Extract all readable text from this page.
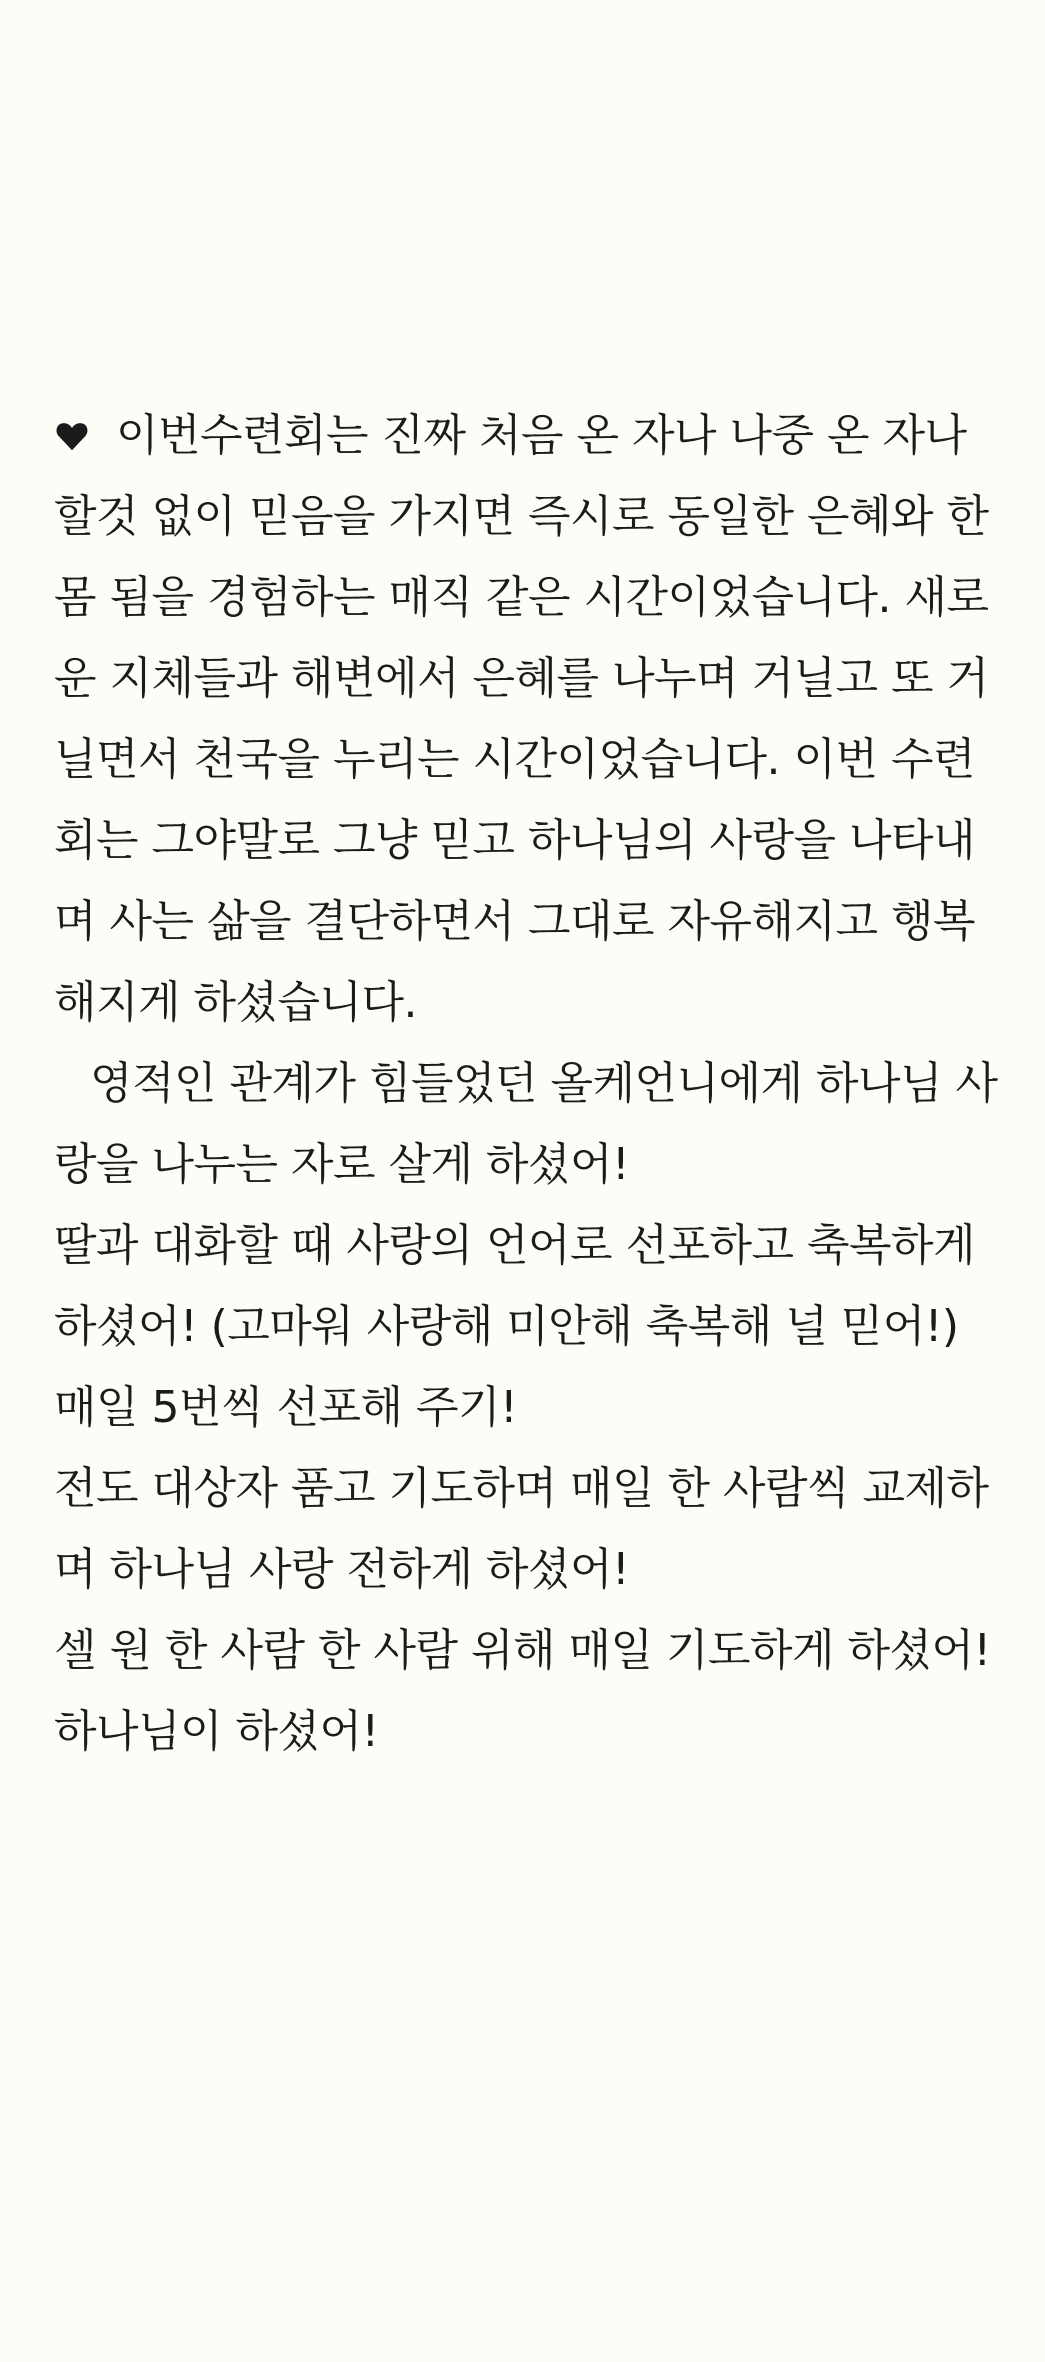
이번수련회는 진짜 처음 온 자나 나중 온 자나
할것 없이 믿음을 가지면 즉시로 동일한 은혜와 한
몸 됨을 경험하는 매직 같은 시간이었습니다. 새로
운 지체들과 해변에서 은혜를 나누며 거닐고 또 거
닐면서 천국을 누리는 시간이었습니다. 이번 수련
회는 그야말로 그냥 믿고 하나님의 사랑을 나타내
며 사는 삶을 결단하면서 그대로 자유해지고 행복
해지게 하셨습니다.
영적인 관계가 힘들었던 올케언니에게 하나님 사
랑을 나누는 자로 살게 하셨어!
딸과 대화할 때 사랑의 언어로 선포하고 축복하게
하셨어! (고마워 사랑해 미안해 축복해 널 믿어!)
매일 5번씩 선포해 주기!
전도 대상자 품고 기도하며 매일 한 사람씩 교제하
며 하나님 사랑 전하게 하셨어!
셀 원 한 사람 한 사람 위해 매일 기도하게 하셨어!
하나님이 하셨어!
